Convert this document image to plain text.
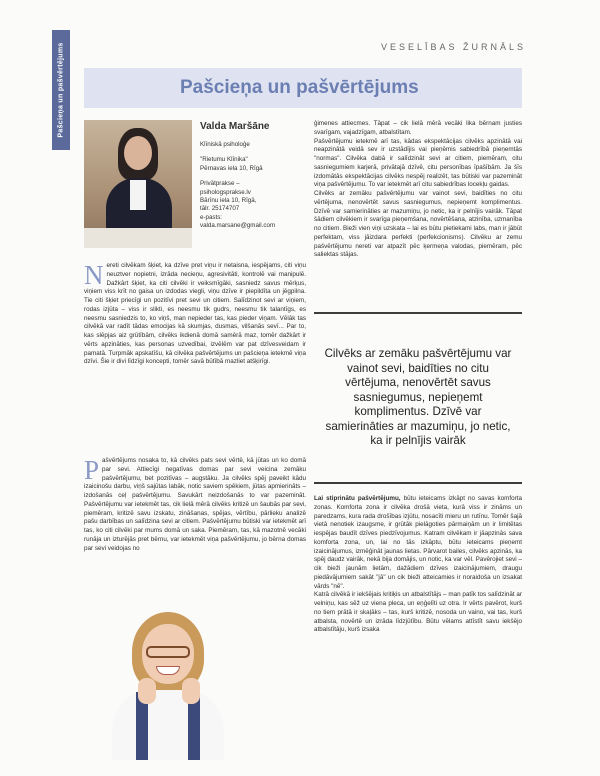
Pašcieņa un pašvērtējums	VESELĪBAS ŽURNĀLS
Pašcieņa un pašvērtējums
Valda Maršāne

Klīniskā psiholoģe

"Rietumu Klīnika"
Pērnavas iela 10, Rīgā

Privātprakse –
psihologsprakse.lv
Bārīnu iela 10, Rīgā,
tālr. 25174707
e-pasts:
valda.marsane@gmail.com

N ereti cilvēkam šķiet, ka dzīve pret viņu ir netaisna, iespējams, citi viņu neuztver nopietni, izrāda necieņu, agresivitāti, kontrolē vai manipulē. Dažkārt šķiet, ka citi cilvēki ir veiksmīgāki, sasniedz savus mērķus, viņiem viss krīt no gaisa un izdodas viegli, viņu dzīve ir piepildīta un jēgpilna. Tie citi šķiet priecīgi un pozitīvi pret sevi un citiem. Salīdzinot sevi ar viņiem, rodas izjūta – viss ir slikti, es neesmu tik gudrs, neesmu tik talantīgs, es neesmu sasniedzis to, ko viņš, man nepieder tas, kas pieder viņam. Vēlāk tas cilvēkā var radīt tādas emocijas kā skumjas, dusmas, vilšanās sevī... Par to, kas slēpjas aiz grūtībām, cilvēks ikdienā domā samērā maz, tomēr dažkārt ir vērts apzināties, kas personas uzvedībai, izvēlēm var pat dzīvesveidam ir pamatā. Turpmāk apskatīšu, kā cilvēka pašvērtējums un pašcieņa ietekmē viņa dzīvi. Šie ir divi līdzīgi koncepti, tomēr savā būtībā mazliet atšķirīgi.
P ašvērtējums nosaka to, kā cilvēks pats sevi vērtē, kā jūtas un ko domā par sevi. Attiecīgi negatīvas domas par sevi veicina zemāku pašvērtējumu, bet pozitīvas – augstāku. Ja cilvēks spēj paveikt kādu izaicinošu darbu, viņš sajūtas labāk, notic saviem spēkiem, jūtas apmierināts – izdošanās ceļ pašvērtējumu. Savukārt neizdošanās to var pazemināt. Pašvērtējumu var ietekmēt tas, cik lielā mērā cilvēks kritizē un šaubās par sevi, piemēram, kritizē savu izskatu, zināšanas, spējas, vērtību, pārlieku analizē pašu darbības un salīdzina sevi ar citiem. Pašvērtējumu būtiski var ietekmēt arī tas, ko citi cilvēki par mums domā un saka. Piemēram, tas, kā mazotnē vecāki runāja un izturējās pret bērnu, var ietekmēt viņa pašvērtējumu, jo bērna domas par sevi veidojas no

ģimenes attiecmes. Tāpat – cik lielā mērā vecāki lika bērnam justies svarīgam, vajadzīgam, atbalstītam.

Pašvērtējumu ietekmē arī tas, kādas ekspektācijas cilvēks apzinātā vai neapzinātā veidā sev ir uzstādījis vai pieņēmis sabiedrībā pieņemtās "normas". Cilvēka dabā ir salīdzināt sevi ar citiem, piemēram, citu sasniegumiem karjerā, privātajā dzīvē, citu personības īpašībām. Ja šīs izdomātās ekspektācijas cilvēks nespēj realizēt, tas būtiski var pazemināt viņa pašvērtējumu. To var ietekmēt arī citu sabiedrības locekļu gaidas.

Cilvēks ar zemāku pašvērtējumu var vainot sevi, baidīties no citu vērtējuma, nenovērtēt savus sasniegumus, nepieņemt komplimentus. Dzīvē var samierināties ar mazumiņu, jo netic, ka ir pelnījis vairāk. Tāpat šādiem cilvēkiem ir svarīga pieņemšana, novērtēšana, atzinība, uzmanība no citiem. Bieži vien viņi uzskata – lai es būtu pietiekami labs, man ir jābūt perfektam, viss jāizdara perfekti (perfekcionisms). Cilvēku ar zemu pašvērtējumu nereti var atpazīt pēc ķermeņa valodas, piemēram, pēc saliektas stājas.

Cilvēks ar zemāku pašvērtējumu var vainot sevi, baidīties no citu vērtējuma, nenovērtēt savus sasniegumus, nepieņemt komplimentus. Dzīvē var samierināties ar mazumiņu, jo netic, ka ir pelnījis vairāk

Lai stiprinātu pašvērtējumu, būtu ieteicams izkāpt no savas komforta zonas. Komforta zona ir cilvēka drošā vieta, kurā viss ir zināms un paredzams, kura rada drošības izjūtu, nosacīti mieru un rutīnu. Tomēr šajā vietā nenotiek izaugsme, ir grūtāk pielāgoties pārmaiņām un ir limitētas iespējas baudīt dzīves piedzīvojumus. Katram cilvēkam ir jāapzinās sava komforta zona, un, lai no tās izkāptu, būtu ieteicams pieņemt izaicinājumus, izmēģināt jaunas lietas. Pārvarot bailes, cilvēks apzinās, ka spēj daudz vairāk, nekā bija domājis, un notic, ka var vēl. Pavērojiet sevi – cik bieži jaunām lietām, dažādiem dzīves izaicinājumiem, draugu piedāvājumiem sakāt "jā" un cik bieži atteicamies ir noraidoša un izsakat vārds "nē".

Katrā cilvēkā ir iekšējais kritiķis un atbalstītājs – man patīk tos salīdzināt ar velniņu, kas sēž uz viena pleca, un eņģelīti uz otra. Ir vērts pavērot, kurš no tiem prātā ir skaļāks – tas, kurš kritizē, nosoda un vaino, vai tas, kurš atbalsta, novērtē un izrāda līdzjūtību. Būtu vēlams attīstīt savu iekšējo atbalstītāju, kurš izsaka
